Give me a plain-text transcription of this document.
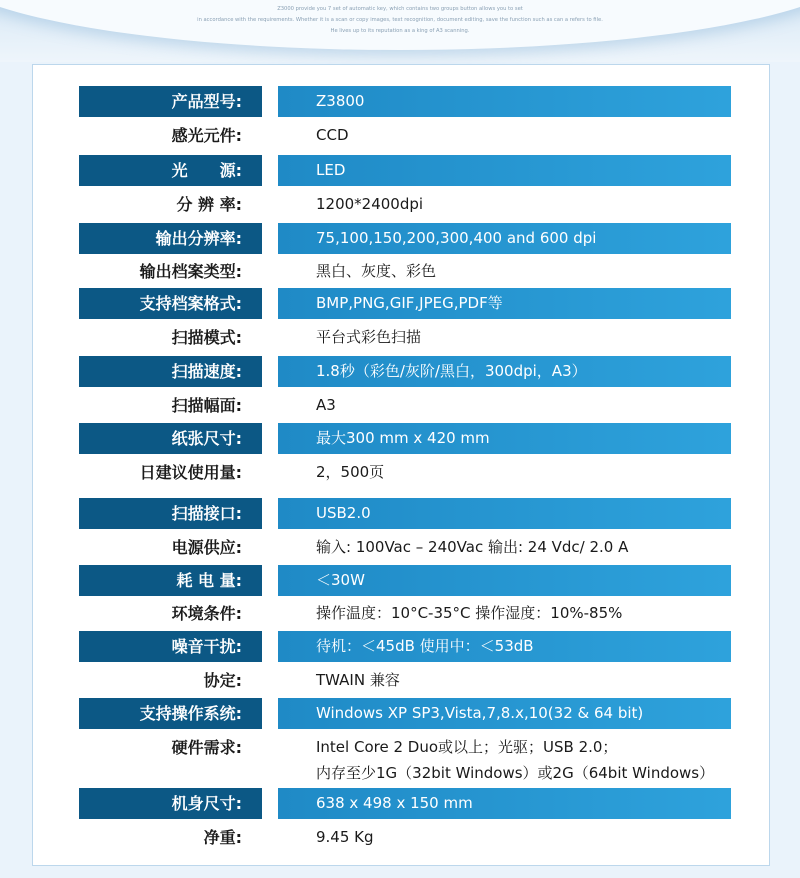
Z3000 provide you 7 set of automatic key, which contains two groups button allows you to set
in accordance with the requirements. Whether it is a scan or copy images, text recognition, document editing, save the function such as can a refers to file.
He lives up to its reputation as a king of A3 scanning.
产品型号:	Z3800
感光元件:	CCD
光　　源:	LED
分 辨 率:	1200*2400dpi
输出分辨率:	75,100,150,200,300,400 and 600 dpi
输出档案类型:	黑白、灰度、彩色
支持档案格式:	BMP,PNG,GIF,JPEG,PDF等
扫描模式:	平台式彩色扫描
扫描速度:	1.8秒（彩色/灰阶/黑白，300dpi，A3）
扫描幅面:	A3
纸张尺寸:	最大300 mm x 420 mm
日建议使用量:	2，500页
扫描接口:	USB2.0
电源供应:	输入: 100Vac – 240Vac 输出: 24 Vdc/ 2.0 A
耗 电 量:	＜30W
环境条件:	操作温度：10°C-35°C 操作湿度：10%-85%
噪音干扰:	待机：＜45dB 使用中：＜53dB
协定:	TWAIN 兼容
支持操作系统:	Windows XP SP3,Vista,7,8.x,10(32 & 64 bit)
硬件需求:	Intel Core 2 Duo或以上；光驱；USB 2.0；
内存至少1G（32bit Windows）或2G（64bit Windows）
机身尺寸:	638 x 498 x 150 mm
净重:	9.45 Kg
